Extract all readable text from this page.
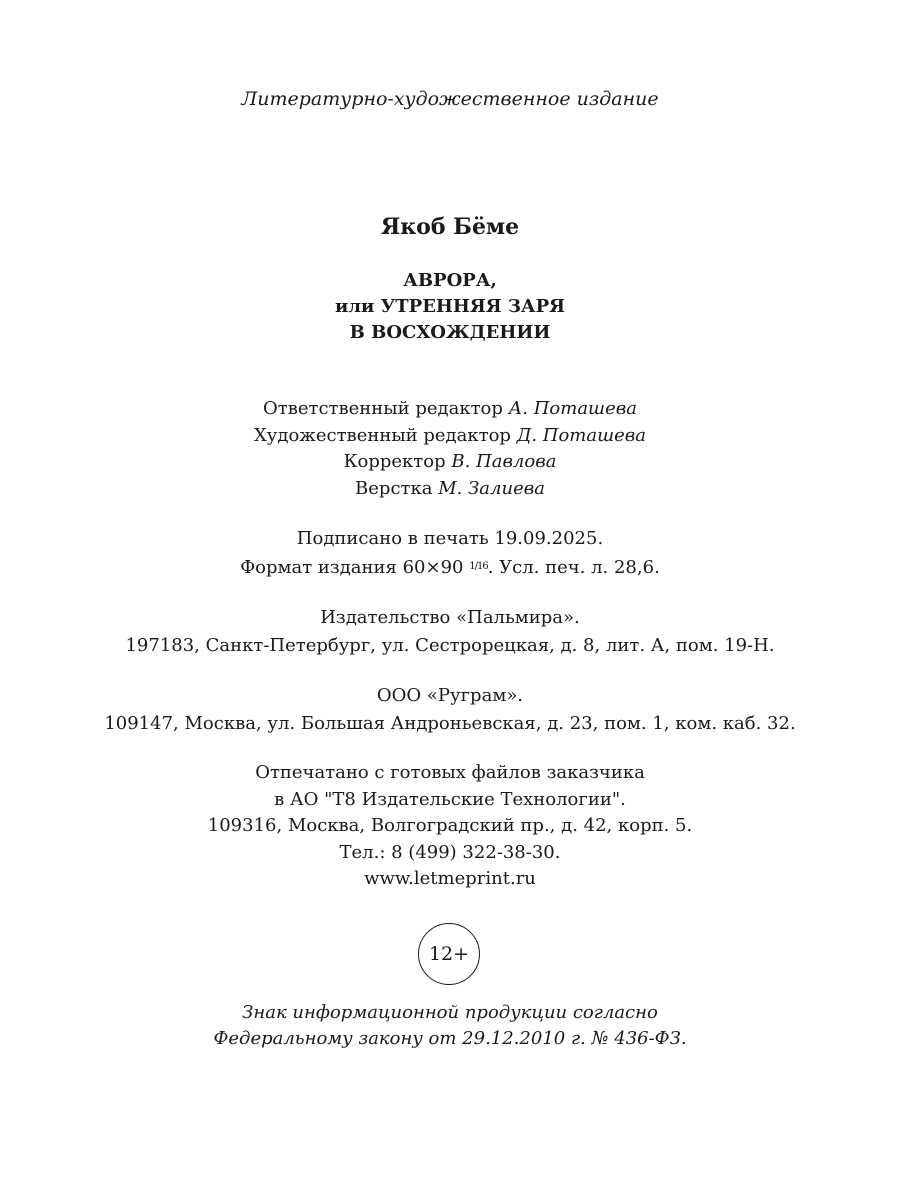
Литературно-художественное издание
Якоб Бёме
АВРОРА,
или УТРЕННЯЯ ЗАРЯ
В ВОСХОЖДЕНИИ
Ответственный редактор А. Поташева
Художественный редактор Д. Поташева
Корректор В. Павлова
Верстка М. Залиева
Подписано в печать 19.09.2025.
Формат издания 60×90 $^{1/16}$. Усл. печ. л. 28,6.
Издательство «Пальмира».
197183, Санкт-Петербург, ул. Сестрорецкая, д. 8, лит. А, пом. 19-Н.
ООО «Руграм».
109147, Москва, ул. Большая Андроньевская, д. 23, пом. 1, ком. каб. 32.
Отпечатано с готовых файлов заказчика
в АО "Т8 Издательские Технологии".
109316, Москва, Волгоградский пр., д. 42, корп. 5.
Тел.: 8 (499) 322-38-30.
www.letmeprint.ru
12+
Знак информационной продукции согласно
Федеральному закону от 29.12.2010 г. № 436-ФЗ.
